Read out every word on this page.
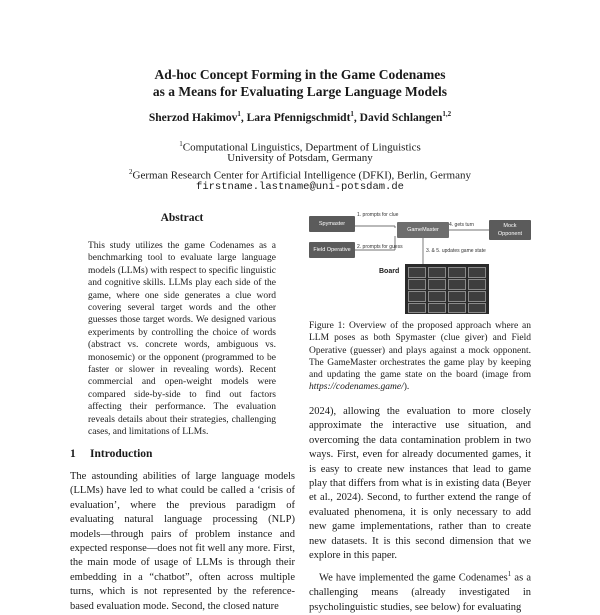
Ad-hoc Concept Forming in the Game Codenames
as a Means for Evaluating Large Language Models
Sherzod Hakimov$^1$, Lara Pfennigschmidt$^1$, David Schlangen$^{1,2}$
$^1$Computational Linguistics, Department of Linguistics
University of Potsdam, Germany
$^2$German Research Center for Artificial Intelligence (DFKI), Berlin, Germany
firstname.lastname@uni-potsdam.de
Abstract
This study utilizes the game Codenames as a benchmarking tool to evaluate large language models (LLMs) with respect to specific linguistic and cognitive skills. LLMs play each side of the game, where one side generates a clue word covering several target words and the other guesses those target words. We designed various experiments by controlling the choice of words (abstract vs. concrete words, ambiguous vs. monosemic) or the opponent (programmed to be faster or slower in revealing words). Recent commercial and open-weight models were compared side-by-side to find out factors affecting their performance. The evaluation reveals details about their strategies, challenging cases, and limitations of LLMs.
1 Introduction

The astounding abilities of large language models (LLMs) have led to what could be called a ‘crisis of evaluation’, where the previous paradigm of evaluating natural language processing (NLP) models—through pairs of problem instance and expected response—does not fit well any more. First, the main mode of usage of LLMs is through their embedding in a “chatbot”, often across multiple turns, which is not represented by the reference-based evaluation mode. Second, the closed nature

Spymaster
Field Operative
GameMaster
Mock
Opponent
1. prompts for clue
2. prompts for guess
4. gets turn
3. & 5. updates game state
Board
Figure 1: Overview of the proposed approach where an LLM poses as both Spymaster (clue giver) and Field Operative (guesser) and plays against a mock opponent. The GameMaster orchestrates the game play by keeping and updating the game state on the board (image from https://codenames.game/).

2024), allowing the evaluation to more closely approximate the interactive use situation, and overcoming the data contamination problem in two ways. First, even for already documented games, it is easy to create new instances that lead to game play that differs from what is in existing data (Beyer et al., 2024). Second, to further extend the range of evaluated phenomena, it is only necessary to add new game implementations, rather than to create new datasets. It is this second dimension that we explore in this paper.

We have implemented the game Codenames$^1$ as a challenging means (already investigated in psycholinguistic studies, see below) for evaluating
